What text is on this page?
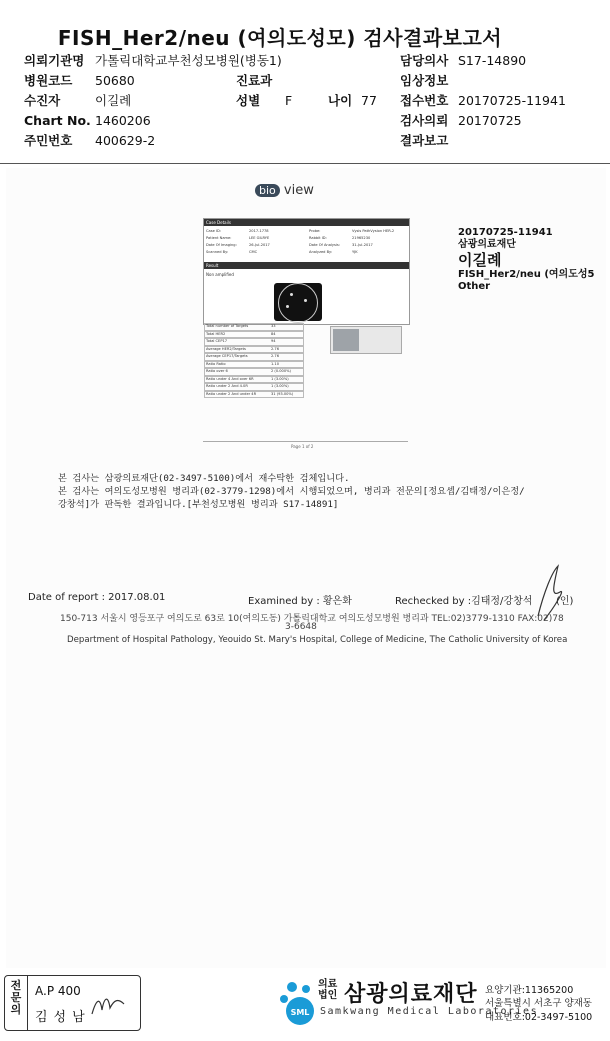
FISH_Her2/neu (여의도성모) 검사결과보고서
의뢰기관명 가톨릭대학교부천성모병원(병동1)	담당의사 S17-14890
병원코드 50680	진료과	임상정보
수진자	이길례	성별 F	나이 77 접수번호 20170725-11941
Chart No. 1460206	검사의뢰 20170725
주민번호 400629-2	결과보고
bio view
Case Details
Case ID:	2017-1778
Patient Name:	LEE GILRYE
Date Of Imaging:	26-Jul-2017
Scanned By:	CMC
Probe:	Vysis PathVysion HER-2
Rabbit ID:	21965230
Date Of Analysis:	31-Jul-2017
Analyzed By:	YJK
Result
Non amplified
Total number of Targets	33
Total HER2	84
Total CEP17	94
Average HER2/Targets	2.76
Average CEP17/Targets	2.76
Ratio Ratio	1.10
Ratio over 6	2 (0.000%)
Ratio under 4 And over 6R	1 (3.00%)
Ratio under 2 And 4.0R	1 (3.00%)
Ratio under 2 And under 4R	31 (93.00%)
Page 1 of 2
20170725-11941
삼광의료재단
이길례
FISH_Her2/neu (여의도성5
Other
본 검사는 삼광의료재단(02-3497-5100)에서 재수탁한 검체입니다.
본 검사는 여의도성모병원 병리과(02-3779-1298)에서 시행되었으며, 병리과 전문의[정요셉/김태정/이은정/
강창석]가 판독한 결과입니다.[부천성모병원 병리과 S17-14891]
Date of report : 2017.08.01	Examined by : 황은화	Rechecked by :김태정/강창석 (인)
150-713 서울시 영등포구 여의도로 63로 10(여의도동) 가톨릭대학교 여의도성모병원 병리과 TEL:02)3779-1310 FAX:02)78
3-6648
Department of Hospital Pathology, Yeouido St. Mary's Hospital, College of Medicine, The Catholic University of Korea
전문의
A.P 400
김성남	SML
의료
법인 삼광의료재단
Samkwang Medical Laboratories
요양기관:11365200
서울특별시 서초구 양재동
대표번호:02-3497-5100
